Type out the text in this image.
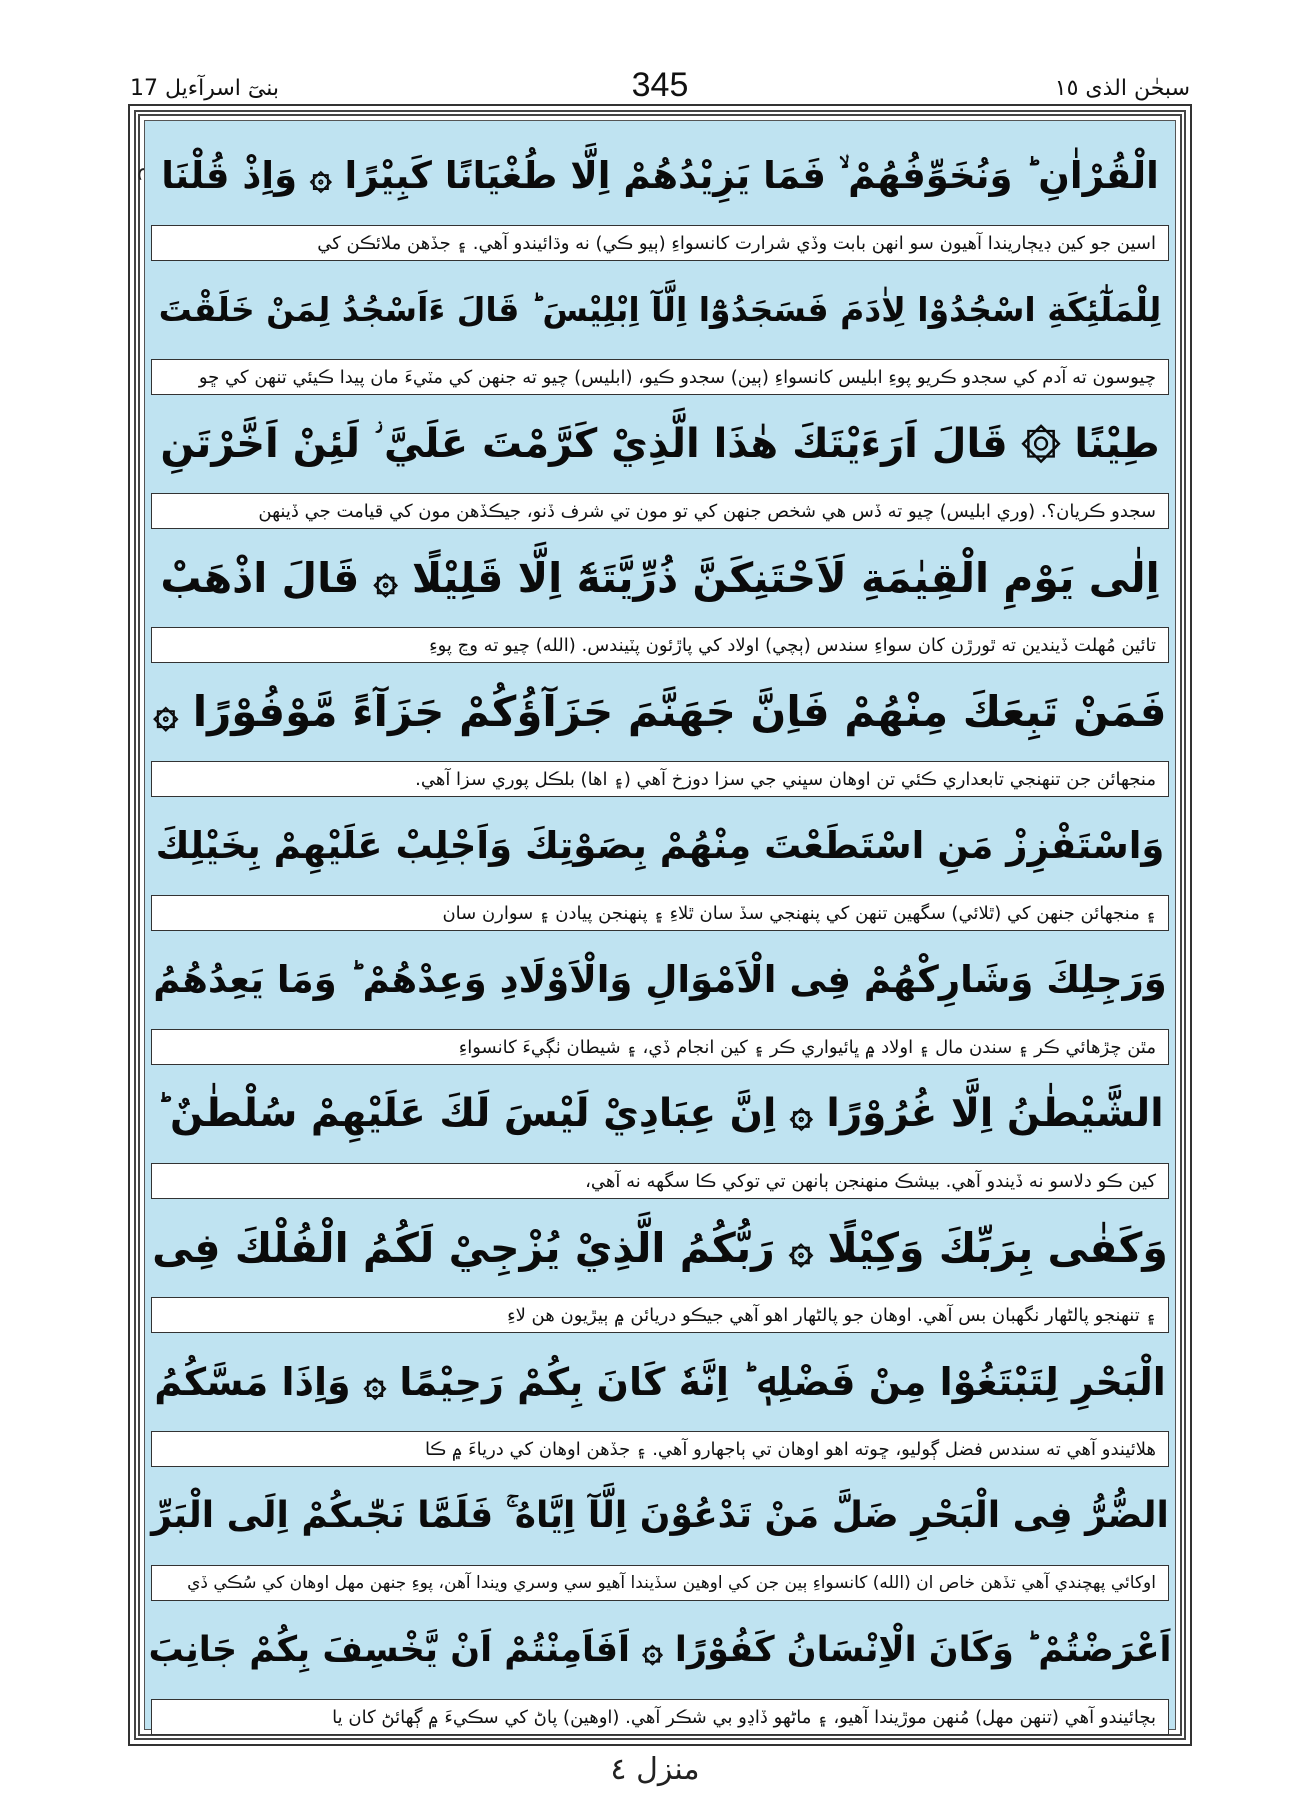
سبحٰن الذی ١٥
345
بنیٓ اسرآءیل 17
الْقُرْاٰنِ ؕ وَنُخَوِّفُهُمْ ۙ فَمَا يَزِيْدُهُمْ اِلَّا طُغْيَانًا كَبِيْرًا ۞ وَاِذْ قُلْنَا
اسين جو کين ڊيڄاريندا آهيون سو انهن بابت وڏي شرارت کانسواءِ (ٻيو ڪي) نه وڌائيندو آهي. ۽ جڏهن ملائڪن کي
لِلْمَلٰٓئِكَةِ اسْجُدُوْا لِاٰدَمَ فَسَجَدُوْٓا اِلَّآ اِبْلِيْسَ ؕ قَالَ ءَاَسْجُدُ لِمَنْ خَلَقْتَ
چيوسون ته آدم کي سجدو ڪريو پوءِ ابليس کانسواءِ (ٻين) سجدو ڪيو، (ابليس) چيو ته جنهن کي مٽيءَ مان پيدا ڪيئي تنهن کي ڇو
طِيْنًا ۞ قَالَ اَرَءَيْتَكَ هٰذَا الَّذِيْ كَرَّمْتَ عَلَيَّ ؗ لَئِنْ اَخَّرْتَنِ
سجدو ڪريان؟. (وري ابليس) چيو ته ڏس هي شخص جنهن کي تو مون تي شرف ڏنو، جيڪڏهن مون کي قيامت جي ڏينهن
اِلٰى يَوْمِ الْقِيٰمَةِ لَاَحْتَنِكَنَّ ذُرِّيَّتَهٗٓ اِلَّا قَلِيْلًا ۞ قَالَ اذْهَبْ
تائين مُهلت ڏيندين ته ٿورڙن کان سواءِ سندس (ٻچي) اولاد کي پاڙئون پٽيندس. (الله) چيو ته وڃ پوءِ
فَمَنْ تَبِعَكَ مِنْهُمْ فَاِنَّ جَهَنَّمَ جَزَآؤُكُمْ جَزَآءً مَّوْفُوْرًا ۞
منجهائن جن تنهنجي تابعداري ڪئي تن اوهان سڀني جي سزا دوزخ آهي (۽ اها) بلڪل پوري سزا آهي.
وَاسْتَفْزِزْ مَنِ اسْتَطَعْتَ مِنْهُمْ بِصَوْتِكَ وَاَجْلِبْ عَلَيْهِمْ بِخَيْلِكَ
۽ منجهائن جنهن کي (ٿلائي) سگهين تنهن کي پنهنجي سڏ سان ٿلاءِ ۽ پنهنجن پيادن ۽ سوارن سان
وَرَجِلِكَ وَشَارِكْهُمْ فِى الْاَمْوَالِ وَالْاَوْلَادِ وَعِدْهُمْ ؕ وَمَا يَعِدُهُمُ
مٿن چڙهائي ڪر ۽ سندن مال ۽ اولاد ۾ ڀائيواري ڪر ۽ کين انجام ڏي، ۽ شيطان ٺڳيءَ کانسواءِ
الشَّيْطٰنُ اِلَّا غُرُوْرًا ۞ اِنَّ عِبَادِيْ لَيْسَ لَكَ عَلَيْهِمْ سُلْطٰنٌ ؕ
کين ڪو دلاسو نه ڏيندو آهي. بيشڪ منهنجن ٻانهن تي توکي ڪا سگهه نه آهي،
وَكَفٰى بِرَبِّكَ وَكِيْلًا ۞ رَبُّكُمُ الَّذِيْ يُزْجِيْ لَكُمُ الْفُلْكَ فِى
۽ تنهنجو پالڻهار نگهبان بس آهي. اوهان جو پالڻهار اهو آهي جيڪو دريائن ۾ ٻيڙيون هن لاءِ
الْبَحْرِ لِتَبْتَغُوْا مِنْ فَضْلِهٖ ؕ اِنَّهٗ كَانَ بِكُمْ رَحِيْمًا ۞ وَاِذَا مَسَّكُمُ
هلائيندو آهي ته سندس فضل ڳوليو، ڇوته اهو اوهان تي ٻاجهارو آهي. ۽ جڏهن اوهان کي درياءَ ۾ ڪا
الضُّرُّ فِى الْبَحْرِ ضَلَّ مَنْ تَدْعُوْنَ اِلَّآ اِيَّاهُ ۚ فَلَمَّا نَجّٰىكُمْ اِلَى الْبَرِّ
اوکائي پهچندي آهي تڏهن خاص ان (الله) کانسواءِ ٻين جن کي اوهين سڏيندا آهيو سي وسري ويندا آهن، پوءِ جنهن مهل اوهان کي سُڪي ڏي
اَعْرَضْتُمْ ؕ وَكَانَ الْاِنْسَانُ كَفُوْرًا ۞ اَفَاَمِنْتُمْ اَنْ يَّخْسِفَ بِكُمْ جَانِبَ
بچائيندو آهي (تنهن مهل) مُنهن موڙيندا آهيو، ۽ ماڻهو ڏاڍو بي شڪر آهي. (اوهين) پاڻ کي سڪيءَ ۾ ڳهائڻ کان يا
منزل ٤
